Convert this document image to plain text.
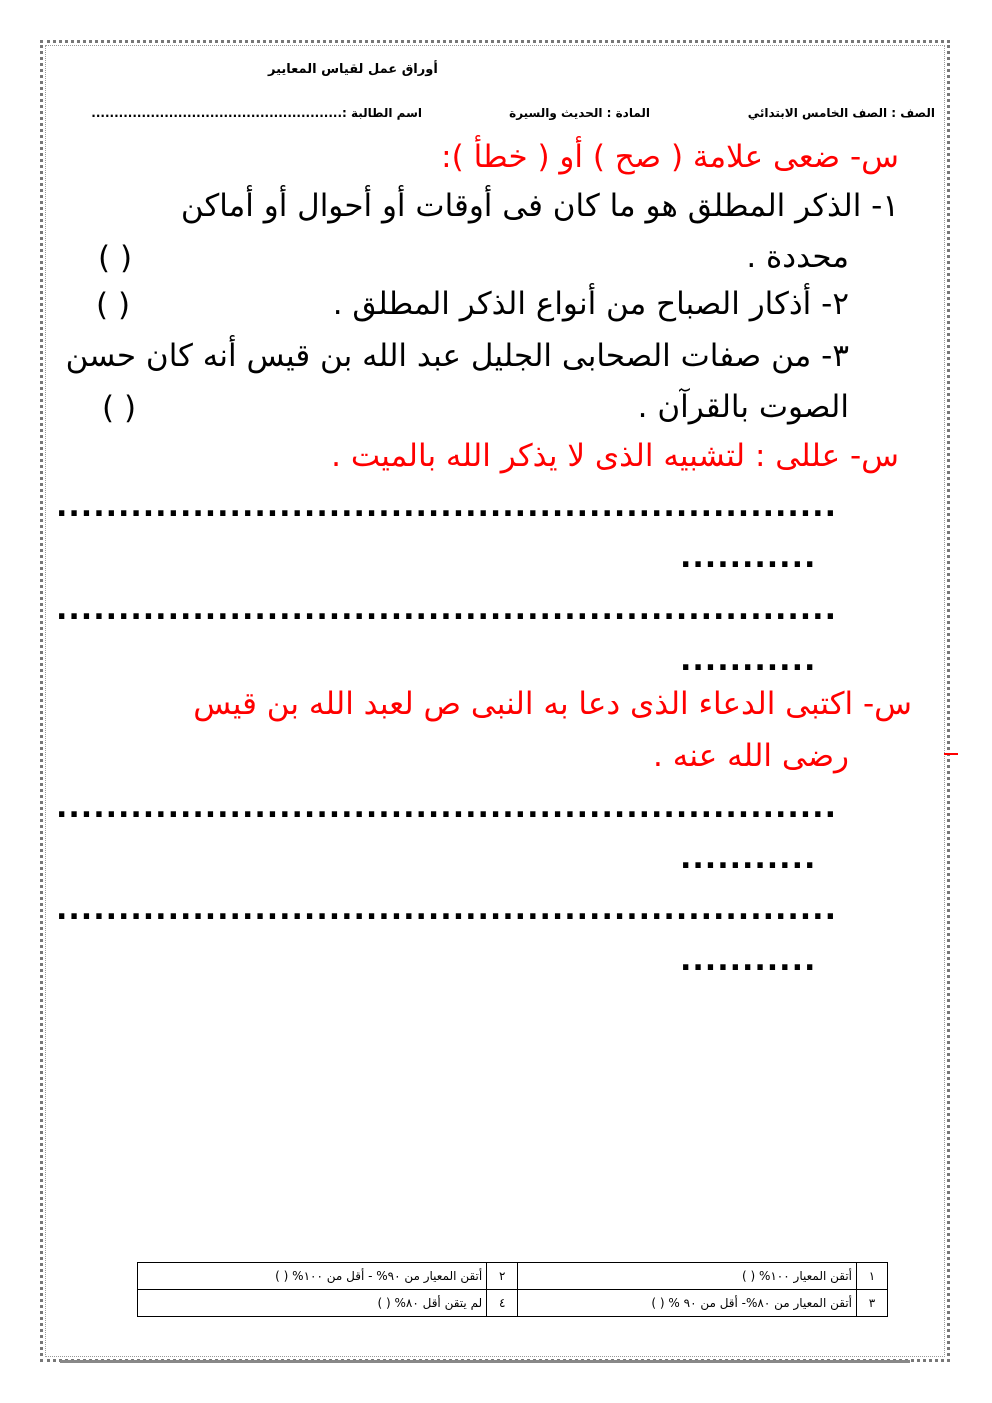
أوراق عمل لقياس المعايير
الصف : الصف الخامس الابتدائي
المادة : الحديث والسيرة
اسم الطالبة :.......................................................
س- ضعى علامة ( صح ) أو ( خطأ ):
١- الذكر المطلق هو ما كان فى أوقات أو أحوال أو أماكن
محددة .
( )
٢- أذكار الصباح من أنواع الذكر المطلق .
( )
٣- من صفات الصحابى الجليل عبد الله بن قيس أنه كان حسن
الصوت بالقرآن .
( )
س- عللى : لتشبيه الذى لا يذكر الله بالميت .
...............................................................
...........
...............................................................
...........
س- اكتبى الدعاء الذى دعا به النبى ص لعبد الله بن قيس
رضى الله عنه .
...............................................................
...........
...............................................................
...........
١	أتقن المعيار ١٠٠% ( )	٢	أتقن المعيار من ٩٠% - أقل من ١٠٠% ( )
٣	أتقن المعيار من ٨٠%- أقل من ٩٠ % ( )	٤	لم يتقن أقل ٨٠% ( )
